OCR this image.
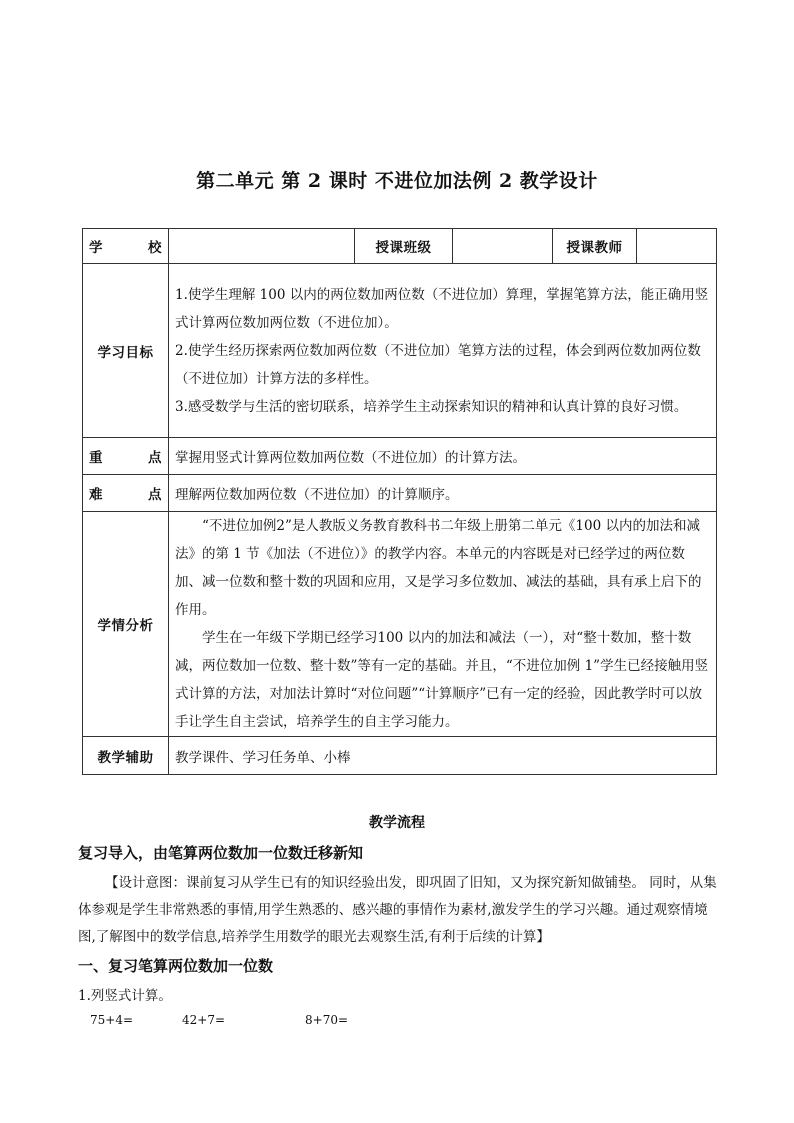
第二单元 第 2 课时 不进位加法例 2 教学设计
学 校		授课班级		授课教师	
学习目标	1.使学生理解 100 以内的两位数加两位数（不进位加）算理，掌握笔算方法，能正确用竖式计算两位数加两位数（不进位加）。

2.使学生经历探索两位数加两位数（不进位加）笔算方法的过程，体会到两位数加两位数（不进位加）计算方法的多样性。

3.感受数学与生活的密切联系，培养学生主动探索知识的精神和认真计算的良好习惯。				

重 点	掌握用竖式计算两位数加两位数（不进位加）的计算方法。				
难 点	理解两位数加两位数（不进位加）的计算顺序。				
学情分析	“不进位加例2”是人教版义务教育教科书二年级上册第二单元《100 以内的加法和减法》的第 1 节《加法（不进位）》的教学内容。本单元的内容既是对已经学过的两位数加、减一位数和整十数的巩固和应用，又是学习多位数加、减法的基础，具有承上启下的作用。

学生在一年级下学期已经学习100 以内的加法和减法（一），对“整十数加，整十数减，两位数加一位数、整十数”等有一定的基础。并且，“不进位加例 1”学生已经接触用竖式计算的方法，对加法计算时“对位问题”“计算顺序”已有一定的经验，因此教学时可以放手让学生自主尝试，培养学生的自主学习能力。				

教学辅助	教学课件、学习任务单、小棒				
教学流程
复习导入，由笔算两位数加一位数迁移新知
【设计意图：课前复习从学生已有的知识经验出发，即巩固了旧知，又为探究新知做铺垫。 同时，从集体参观是学生非常熟悉的事情,用学生熟悉的、感兴趣的事情作为素材,激发学生的学习兴趣。通过观察情境图,了解图中的数学信息,培养学生用数学的眼光去观察生活,有利于后续的计算】
一、复习笔算两位数加一位数
1.列竖式计算。
75+4=	42+7=	8+70=
